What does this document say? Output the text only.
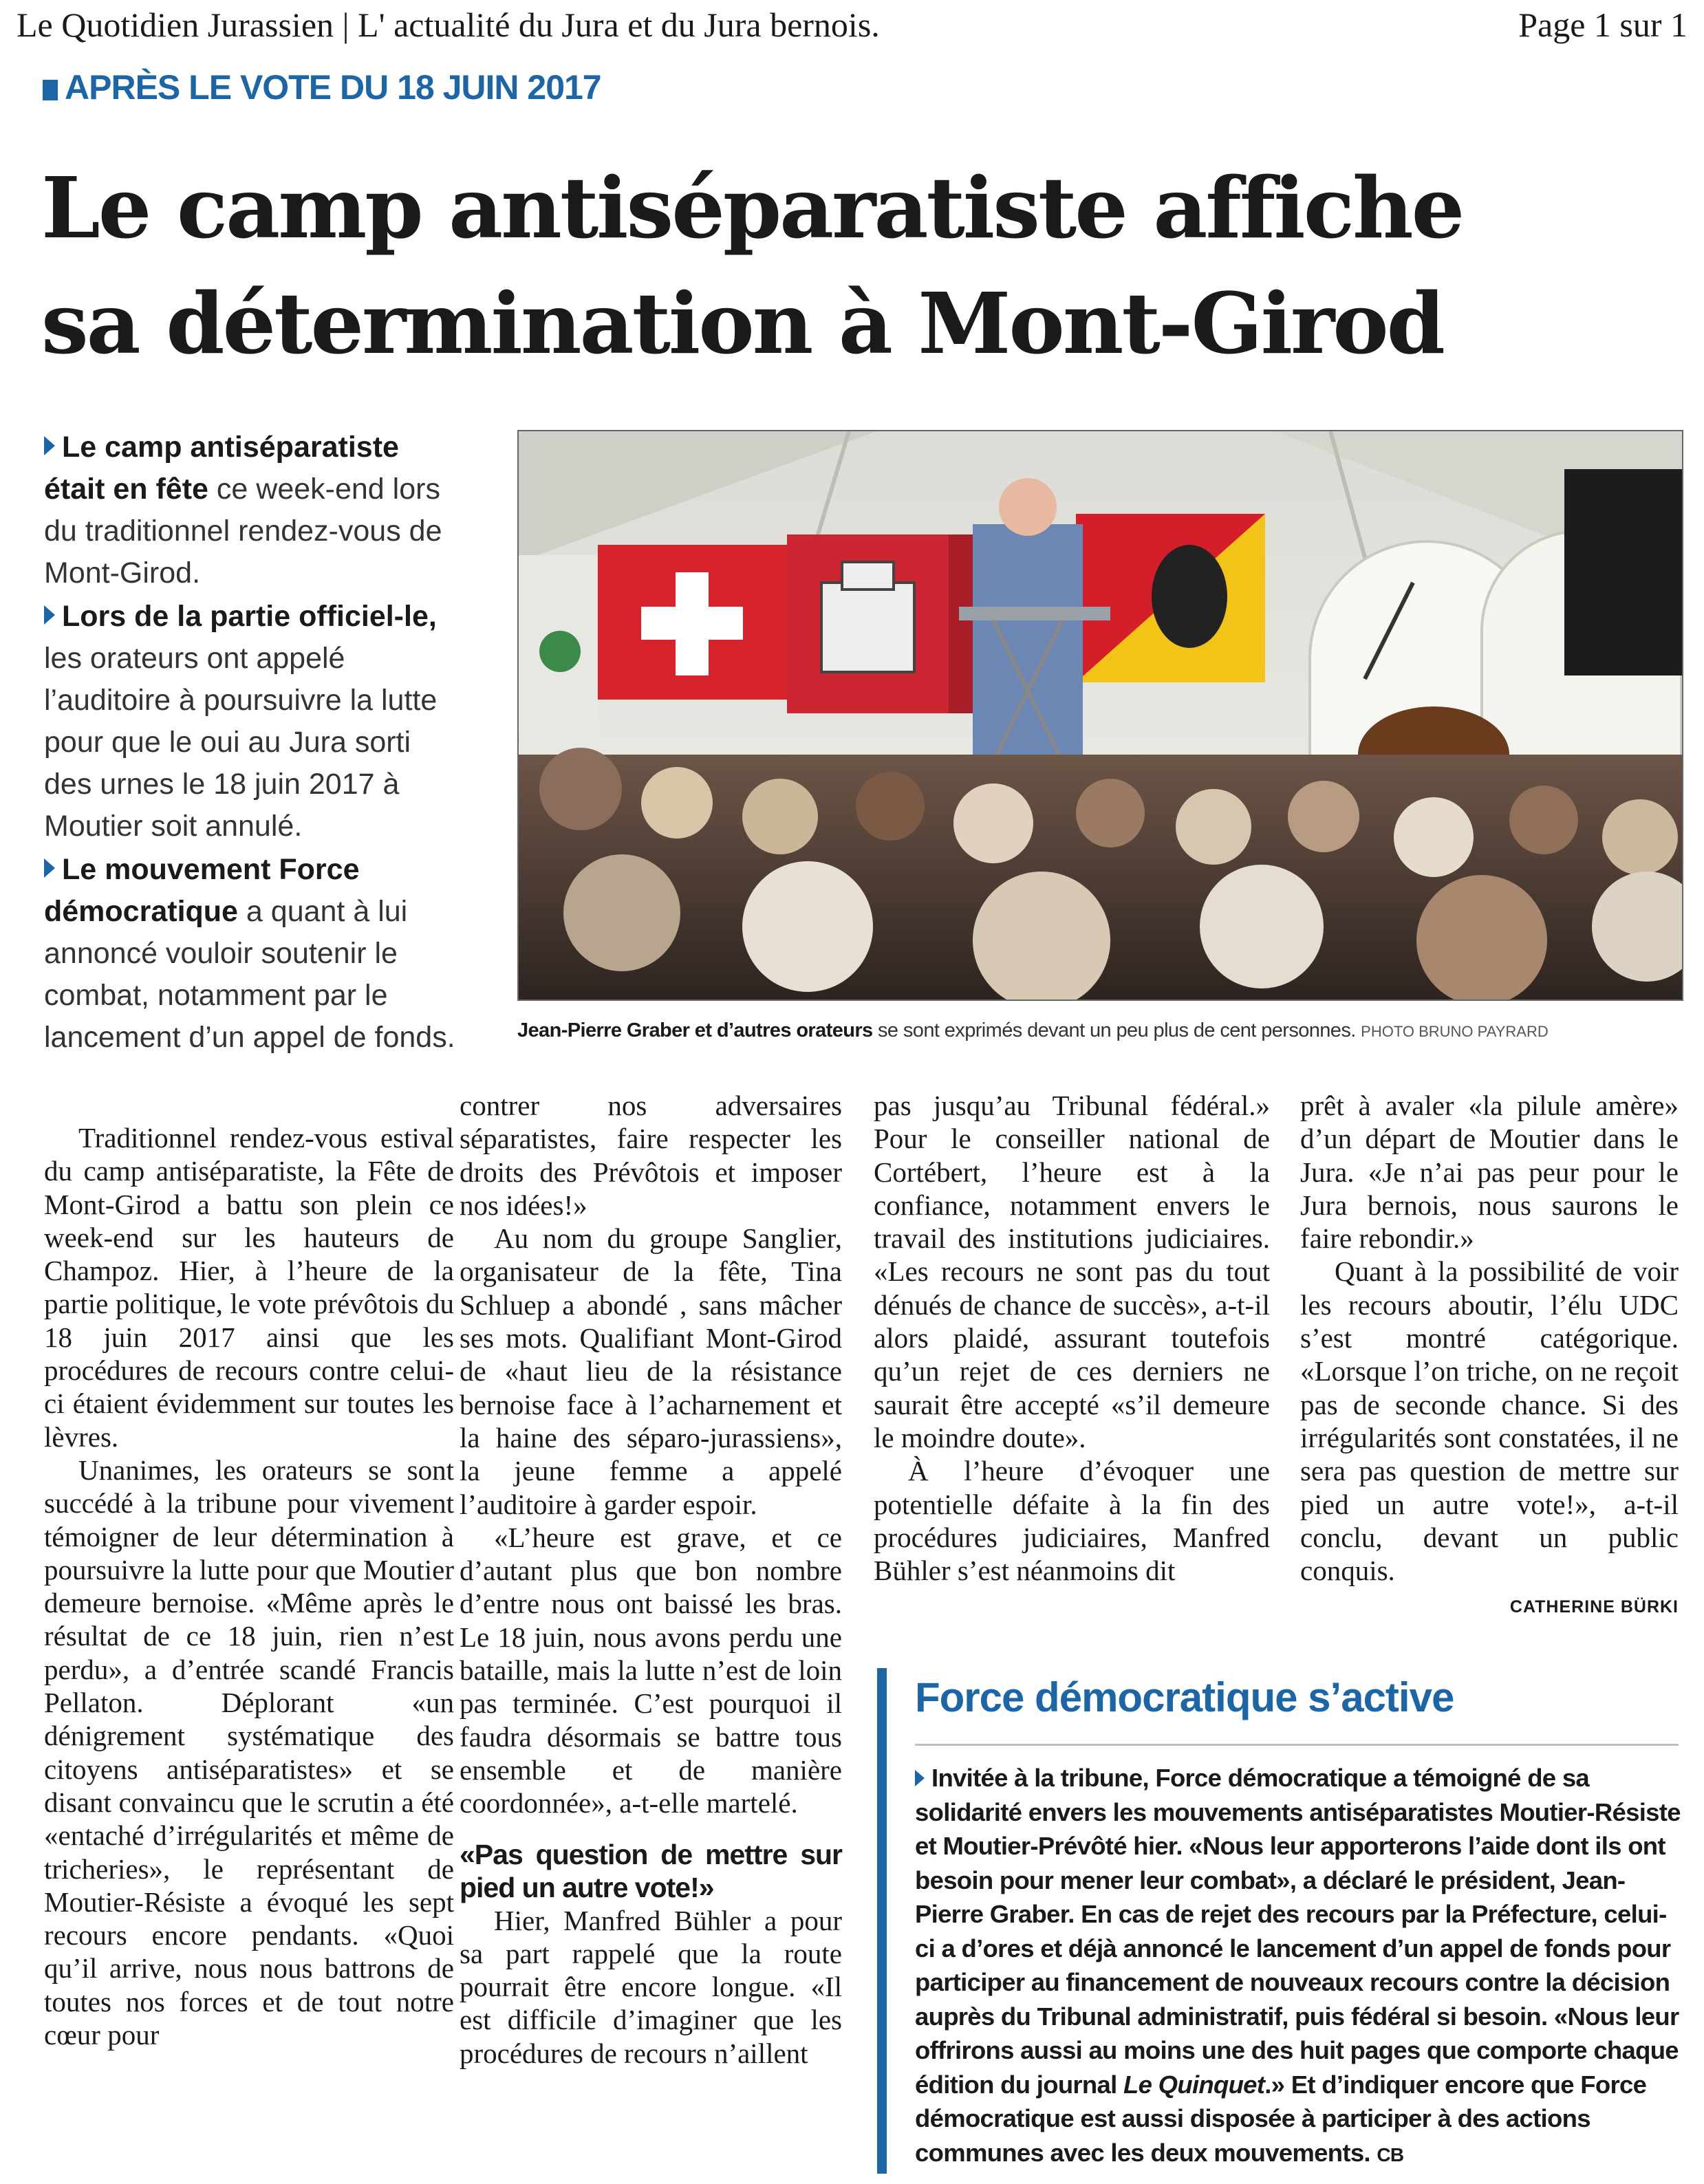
Le Quotidien Jurassien | L' actualité du Jura et du Jura bernois.	Page 1 sur 1
APRÈS LE VOTE DU 18 JUIN 2017
Le camp antiséparatiste affiche
sa détermination à Mont-Girod

Le camp antiséparatiste était en fête ce week-end lors du traditionnel rendez-vous de Mont-Girod.

Lors de la partie officiel-le, les orateurs ont appelé l’auditoire à poursuivre la lutte pour que le oui au Jura sorti des urnes le 18 juin 2017 à Moutier soit annulé.

Le mouvement Force démocratique a quant à lui annoncé vouloir soutenir le combat, notamment par le lancement d’un appel de fonds.	Jean-Pierre Graber et d’autres orateurs se sont exprimés devant un peu plus de cent personnes. PHOTO BRUNO PAYRARD

Traditionnel rendez-vous estival du camp antiséparatiste, la Fête de Mont-Girod a battu son plein ce week-end sur les hauteurs de Champoz. Hier, à l’heure de la partie politique, le vote prévôtois du 18 juin 2017 ainsi que les procédures de recours contre celui-ci étaient évidemment sur toutes les lèvres.

Unanimes, les orateurs se sont succédé à la tribune pour vivement témoigner de leur détermination à poursuivre la lutte pour que Moutier demeure bernoise. «Même après le résultat de ce 18 juin, rien n’est perdu», a d’entrée scandé Francis Pellaton. Déplorant «un dénigrement systématique des citoyens antiséparatistes» et se disant convaincu que le scrutin a été «entaché d’irrégularités et même de tricheries», le représentant de Moutier-Résiste a évoqué les sept recours encore pendants. «Quoi qu’il arrive, nous nous battrons de toutes nos forces et de tout notre cœur pour

contrer nos adversaires séparatistes, faire respecter les droits des Prévôtois et imposer nos idées!»

Au nom du groupe Sanglier, organisateur de la fête, Tina Schluep a abondé , sans mâcher ses mots. Qualifiant Mont-Girod de «haut lieu de la résistance bernoise face à l’acharnement et la haine des séparo-jurassiens», la jeune femme a appelé l’auditoire à garder espoir.

«L’heure est grave, et ce d’autant plus que bon nombre d’entre nous ont baissé les bras. Le 18 juin, nous avons perdu une bataille, mais la lutte n’est de loin pas terminée. C’est pourquoi il faudra désormais se battre tous ensemble et de manière coordonnée», a-t-elle martelé.

«Pas question de mettre sur pied un autre vote!»

Hier, Manfred Bühler a pour sa part rappelé que la route pourrait être encore longue. «Il est difficile d’imaginer que les procédures de recours n’aillent

pas jusqu’au Tribunal fédéral.» Pour le conseiller national de Cortébert, l’heure est à la confiance, notamment envers le travail des institutions judiciaires. «Les recours ne sont pas du tout dénués de chance de succès», a-t-il alors plaidé, assurant toutefois qu’un rejet de ces derniers ne saurait être accepté «s’il demeure le moindre doute».

À l’heure d’évoquer une potentielle défaite à la fin des procédures judiciaires, Manfred Bühler s’est néanmoins dit

prêt à avaler «la pilule amère» d’un départ de Moutier dans le Jura. «Je n’ai pas peur pour le Jura bernois, nous saurons le faire rebondir.»

Quant à la possibilité de voir les recours aboutir, l’élu UDC s’est montré catégorique. «Lorsque l’on triche, on ne reçoit pas de seconde chance. Si des irrégularités sont constatées, il ne sera pas question de mettre sur pied un autre vote!», a-t-il conclu, devant un public conquis.

CATHERINE BÜRKI
Force démocratique s’active
Invitée à la tribune, Force démocratique a témoigné de sa solidarité envers les mouvements antiséparatistes Moutier-Résiste et Moutier-Prévôté hier. «Nous leur apporterons l’aide dont ils ont besoin pour mener leur combat», a déclaré le président, Jean-Pierre Graber. En cas de rejet des recours par la Préfecture, celui-ci a d’ores et déjà annoncé le lancement d’un appel de fonds pour participer au financement de nouveaux recours contre la décision auprès du Tribunal administratif, puis fédéral si besoin. «Nous leur offrirons aussi au moins une des huit pages que comporte chaque édition du journal Le Quinquet.» Et d’indiquer encore que Force démocratique est aussi disposée à participer à des actions communes avec les deux mouvements. CB
